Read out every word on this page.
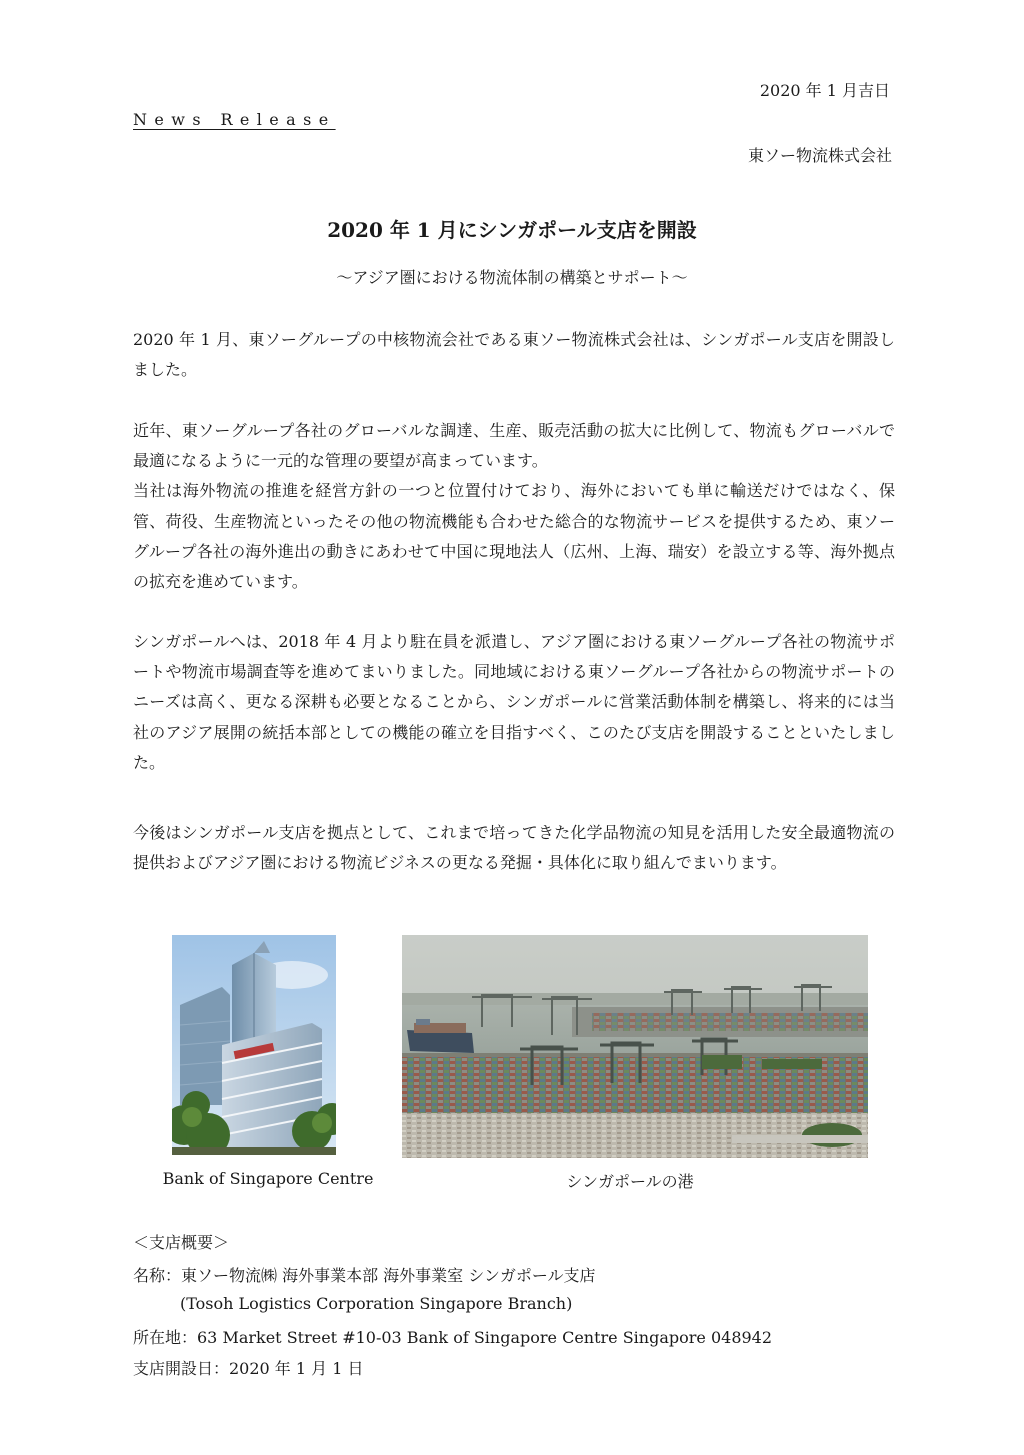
2020 年 1 月吉日
News Release
東ソー物流株式会社
2020 年 1 月にシンガポール支店を開設
～アジア圏における物流体制の構築とサポート～

2020 年 1 月、東ソーグループの中核物流会社である東ソー物流株式会社は、シンガポール支店を開設しました。

近年、東ソーグループ各社のグローバルな調達、生産、販売活動の拡大に比例して、物流もグローバルで最適になるように一元的な管理の要望が高まっています。
当社は海外物流の推進を経営方針の一つと位置付けており、海外においても単に輸送だけではなく、保管、荷役、生産物流といったその他の物流機能も合わせた総合的な物流サービスを提供するため、東ソーグループ各社の海外進出の動きにあわせて中国に現地法人（広州、上海、瑞安）を設立する等、海外拠点の拡充を進めています。

シンガポールへは、2018 年 4 月より駐在員を派遣し、アジア圏における東ソーグループ各社の物流サポートや物流市場調査等を進めてまいりました。同地域における東ソーグループ各社からの物流サポートのニーズは高く、更なる深耕も必要となることから、シンガポールに営業活動体制を構築し、将来的には当社のアジア展開の統括本部としての機能の確立を目指すべく、このたび支店を開設することといたしました。

今後はシンガポール支店を拠点として、これまで培ってきた化学品物流の知見を活用した安全最適物流の提供およびアジア圏における物流ビジネスの更なる発掘・具体化に取り組んでまいります。

Bank of Singapore Centre	シンガポールの港
＜支店概要＞
名称：東ソー物流㈱ 海外事業本部 海外事業室 シンガポール支店
(Tosoh Logistics Corporation Singapore Branch)
所在地：63 Market Street #10-03 Bank of Singapore Centre Singapore 048942
支店開設日：2020 年 1 月 1 日
